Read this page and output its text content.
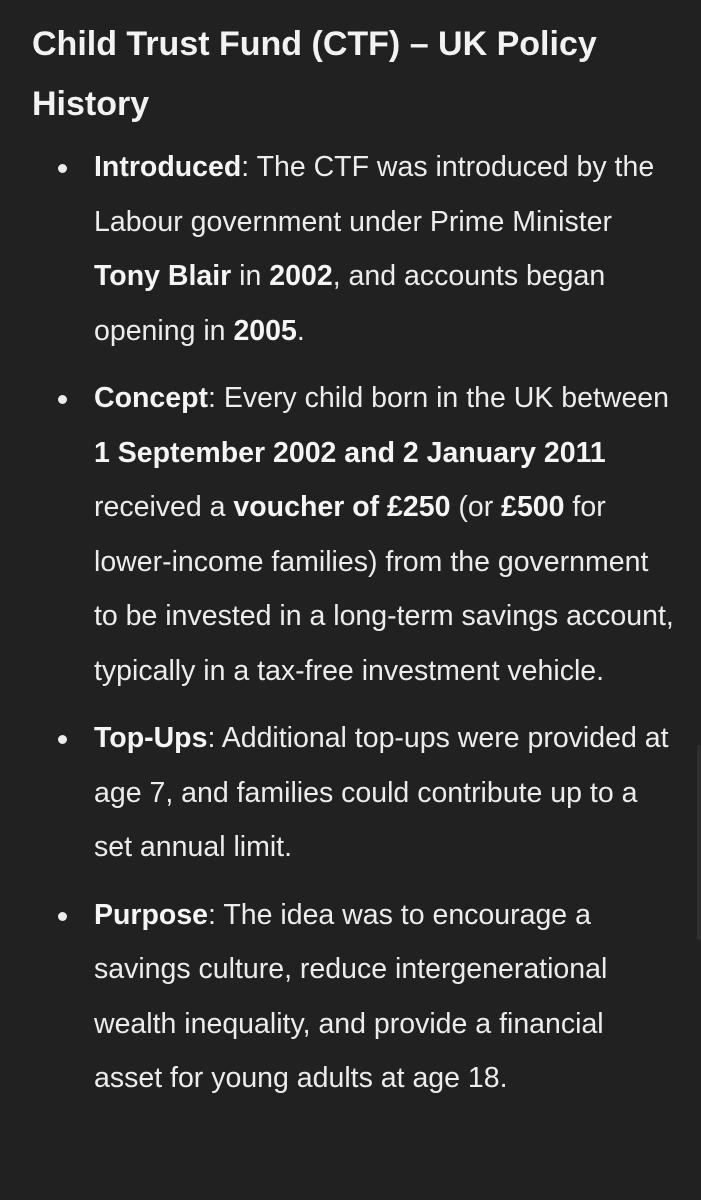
Child Trust Fund (CTF) – UK Policy History
Introduced: The CTF was introduced by the Labour government under Prime Minister Tony Blair in 2002, and accounts began opening in 2005.
Concept: Every child born in the UK between 1 September 2002 and 2 January 2011 received a voucher of £250 (or £500 for lower-income families) from the government to be invested in a long-term savings account, typically in a tax-free investment vehicle.
Top-Ups: Additional top-ups were provided at age 7, and families could contribute up to a set annual limit.
Purpose: The idea was to encourage a savings culture, reduce intergenerational wealth inequality, and provide a financial asset for young adults at age 18.
